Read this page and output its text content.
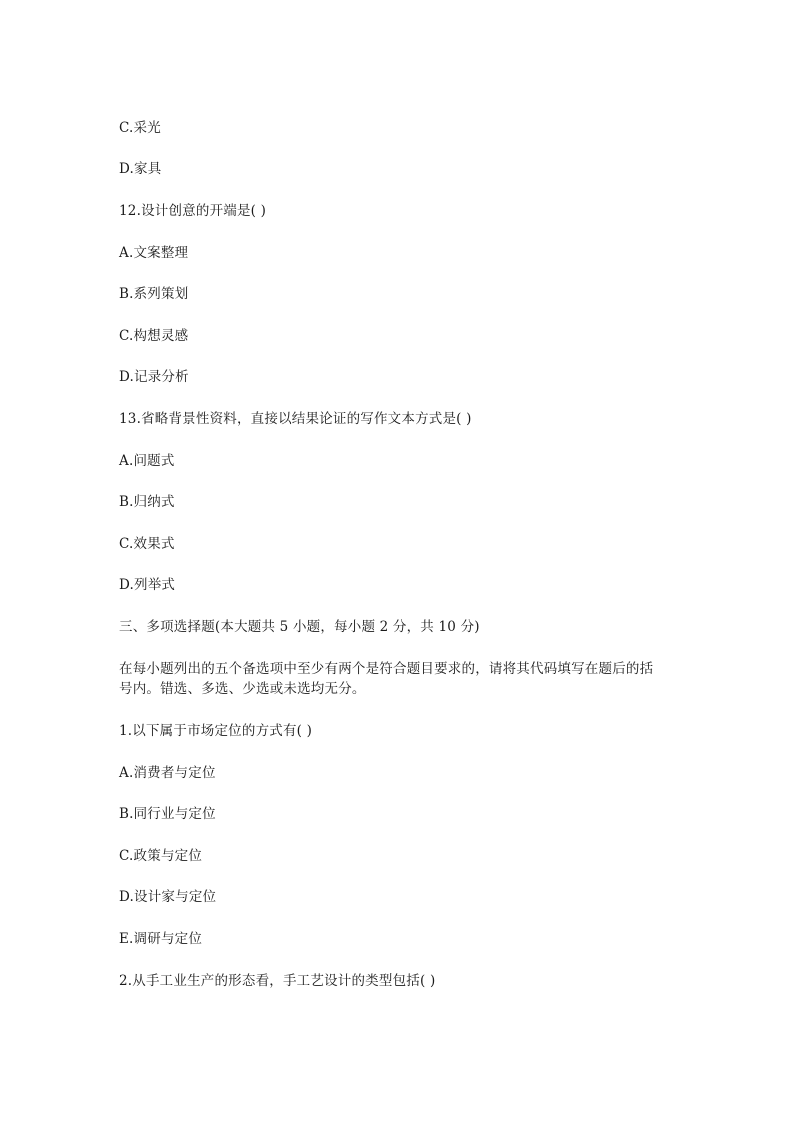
C.采光
D.家具
12.设计创意的开端是( )
A.文案整理
B.系列策划
C.构想灵感
D.记录分析
13.省略背景性资料，直接以结果论证的写作文本方式是( )
A.问题式
B.归纳式
C.效果式
D.列举式
三、多项选择题(本大题共 5 小题，每小题 2 分，共 10 分)
在每小题列出的五个备选项中至少有两个是符合题目要求的，请将其代码填写在题后的括
号内。错选、多选、少选或未选均无分。
1.以下属于市场定位的方式有( )
A.消费者与定位
B.同行业与定位
C.政策与定位
D.设计家与定位
E.调研与定位
2.从手工业生产的形态看，手工艺设计的类型包括( )
